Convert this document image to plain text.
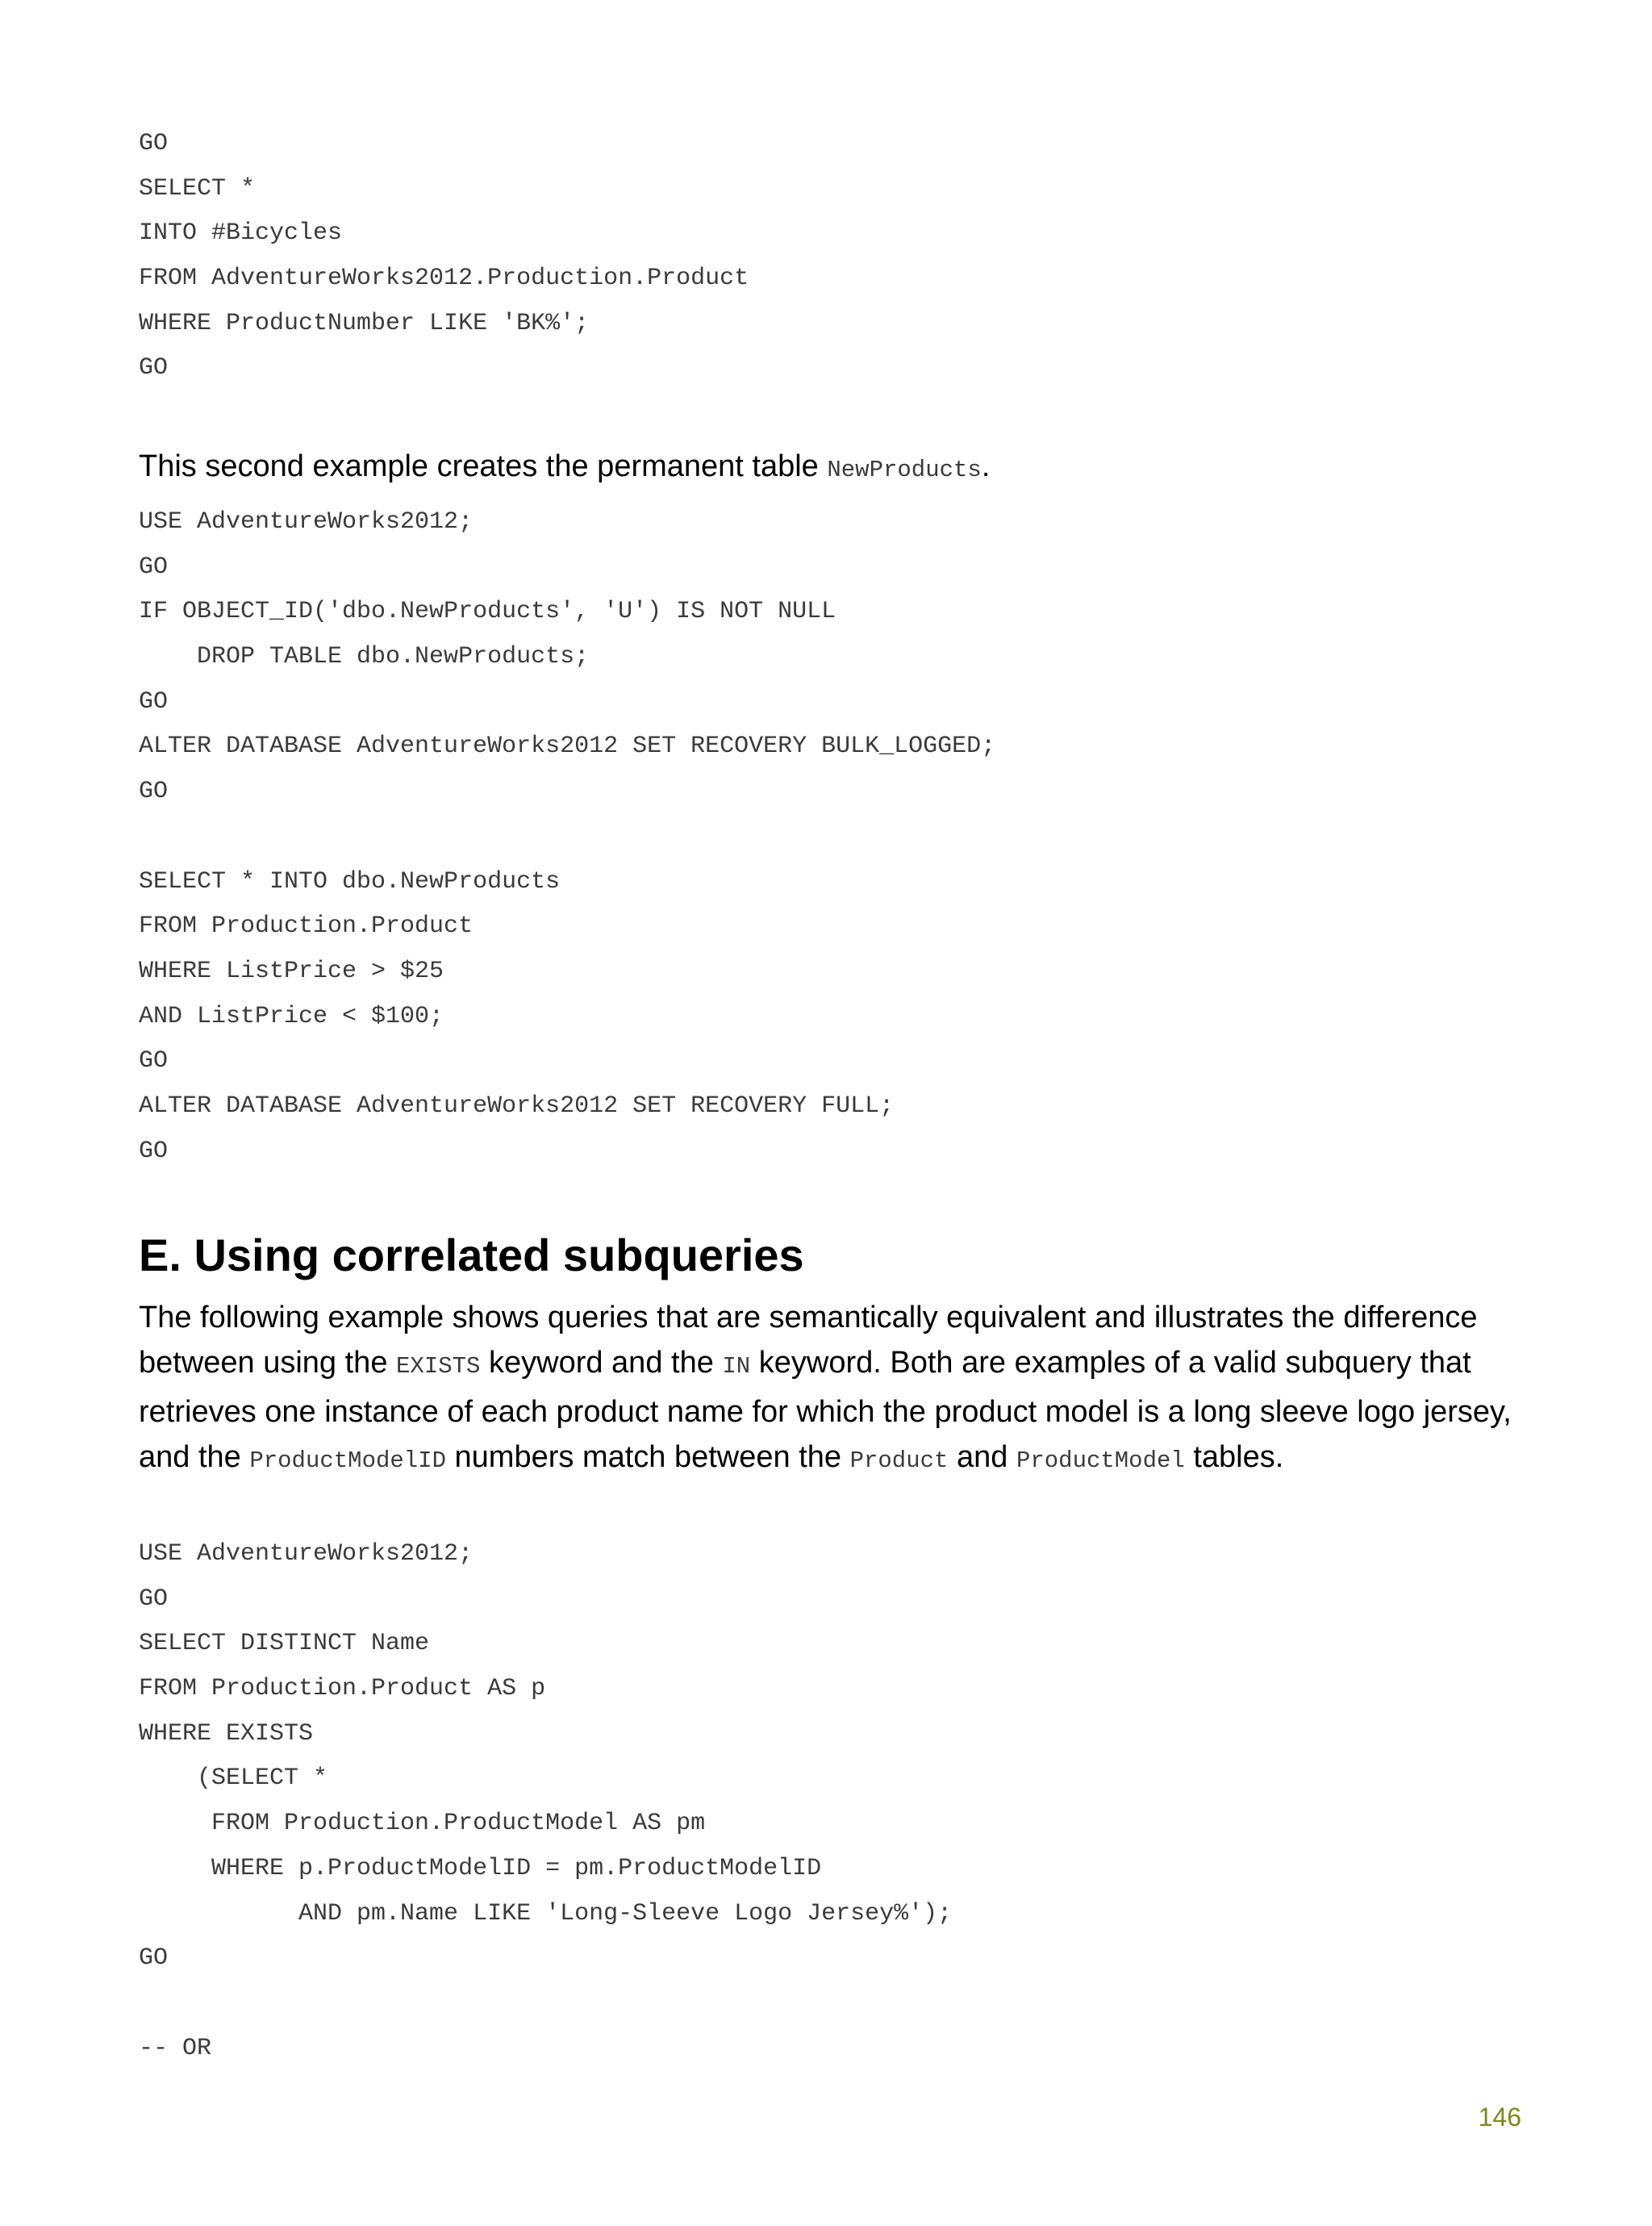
GO
SELECT *
INTO #Bicycles
FROM AdventureWorks2012.Production.Product
WHERE ProductNumber LIKE 'BK%';
GO

This second example creates the permanent table NewProducts.

USE AdventureWorks2012;
GO
IF OBJECT_ID('dbo.NewProducts', 'U') IS NOT NULL
DROP TABLE dbo.NewProducts;
GO
ALTER DATABASE AdventureWorks2012 SET RECOVERY BULK_LOGGED;
GO
SELECT * INTO dbo.NewProducts
FROM Production.Product
WHERE ListPrice > $25
AND ListPrice < $100;
GO
ALTER DATABASE AdventureWorks2012 SET RECOVERY FULL;
GO
E. Using correlated subqueries

The following example shows queries that are semantically equivalent and illustrates the difference between using the EXISTS keyword and the IN keyword. Both are examples of a valid subquery that retrieves one instance of each product name for which the product model is a long sleeve logo jersey, and the ProductModelID numbers match between the Product and ProductModel tables.

USE AdventureWorks2012;
GO
SELECT DISTINCT Name
FROM Production.Product AS p
WHERE EXISTS
(SELECT *
FROM Production.ProductModel AS pm
WHERE p.ProductModelID = pm.ProductModelID
AND pm.Name LIKE 'Long-Sleeve Logo Jersey%');
GO
-- OR
146
